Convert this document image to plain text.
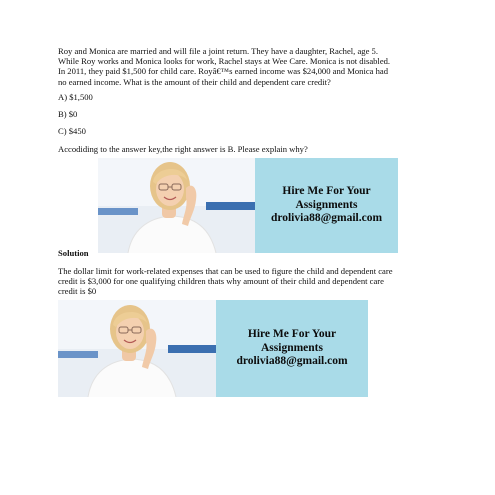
Roy and Monica are married and will file a joint return. They have a daughter, Rachel, age 5.
While Roy works and Monica looks for work, Rachel stays at Wee Care. Monica is not disabled.
In 2011, they paid $1,500 for child care. Royâ€™s earned income was $24,000 and Monica had
no earned income. What is the amount of their child and dependent care credit?

A) $1,500

B) $0

C) $450

Accodiding to the answer key,the right answer is B. Please explain why?

Hire Me For Your
Assignments
drolivia88@gmail.com

Solution

The dollar limit for work-related expenses that can be used to figure the child and dependent care
credit is $3,000 for one qualifying children thats why amount of their child and dependent care
credit is $0

Hire Me For Your
Assignments
drolivia88@gmail.com
